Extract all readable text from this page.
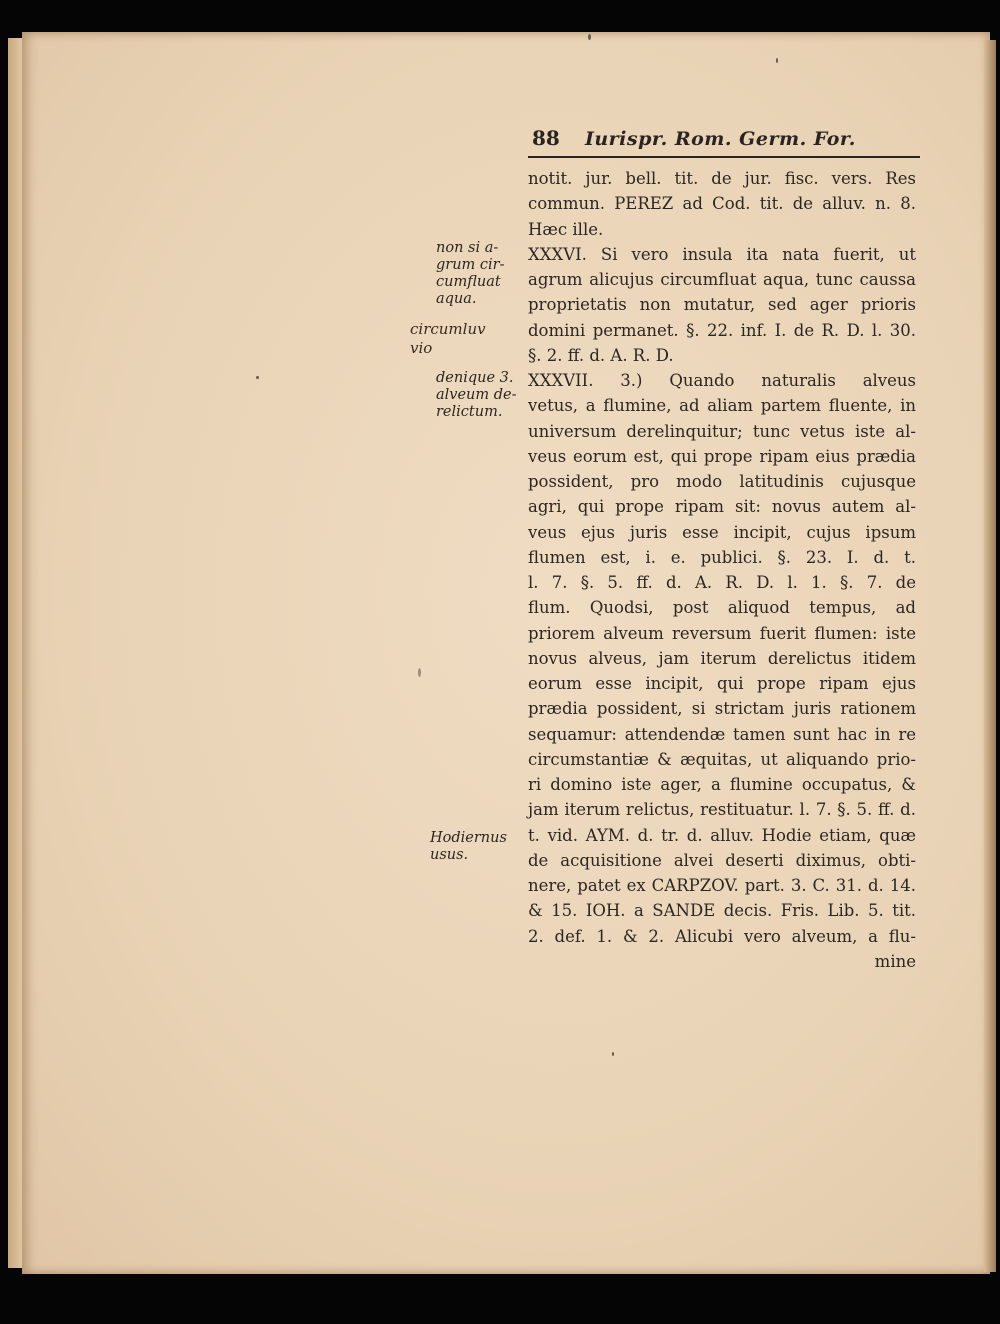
88 Iurispr. Rom. Germ. For.
notit. jur. bell. tit. de jur. fisc. vers. Res
commun. PEREZ ad Cod. tit. de alluv. n. 8.
Hæc ille.
XXXVI. Si vero insula ita nata fuerit, ut
agrum alicujus circumfluat aqua, tunc caussa
proprietatis non mutatur, sed ager prioris
domini permanet. §. 22. inf. I. de R. D. l. 30.
§. 2. ff. d. A. R. D.
XXXVII. 3.) Quando naturalis alveus
vetus, a flumine, ad aliam partem fluente, in
universum derelinquitur; tunc vetus iste al-
veus eorum est, qui prope ripam eius prædia
possident, pro modo latitudinis cujusque
agri, qui prope ripam sit: novus autem al-
veus ejus juris esse incipit, cujus ipsum
flumen est, i. e. publici. §. 23. I. d. t.
l. 7. §. 5. ff. d. A. R. D. l. 1. §. 7. de
flum. Quodsi, post aliquod tempus, ad
priorem alveum reversum fuerit flumen: iste
novus alveus, jam iterum derelictus itidem
eorum esse incipit, qui prope ripam ejus
prædia possident, si strictam juris rationem
sequamur: attendendæ tamen sunt hac in re
circumstantiæ & æquitas, ut aliquando prio-
ri domino iste ager, a flumine occupatus, &
jam iterum relictus, restituatur. l. 7. §. 5. ff. d.
t. vid. AYM. d. tr. d. alluv. Hodie etiam, quæ
de acquisitione alvei deserti diximus, obti-
nere, patet ex CARPZOV. part. 3. C. 31. d. 14.
& 15. IOH. a SANDE decis. Fris. Lib. 5. tit.
2. def. 1. & 2. Alicubi vero alveum, a flu-
mine
non si a-
grum cir-
cumfluat
aqua.
denique 3.
alveum de-
relictum.
Hodiernus
usus.
circumluv
vio
